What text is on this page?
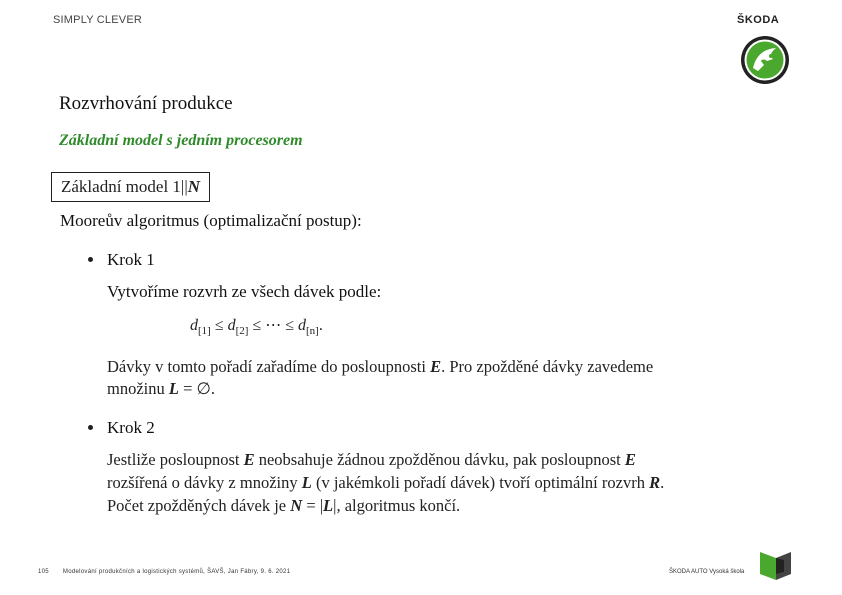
SIMPLY CLEVER	ŠKODA
Rozvrhování produkce
Základní model s jedním procesorem
Základní model 1||N
Mooreův algoritmus (optimalizační postup):
Krok 1
Vytvoříme rozvrh ze všech dávek podle:
$d_{[1]} \le d_{[2]}$ ≤ ⋯ ≤ $d_{[n]}$.
Dávky v tomto pořadí zařadíme do posloupnosti E. Pro zpožděné dávky zavedeme
množinu L = ∅.
Krok 2
Jestliže posloupnost E neobsahuje žádnou zpožděnou dávku, pak posloupnost E
rozšířená o dávky z množiny L (v jakémkoli pořadí dávek) tvoří optimální rozvrh R.
Počet zpožděných dávek je N = |L|, algoritmus končí.
105 Modelování produkčních a logistických systémů, ŠAVŠ, Jan Fábry, 9. 6. 2021	ŠKODA AUTO Vysoká škola
